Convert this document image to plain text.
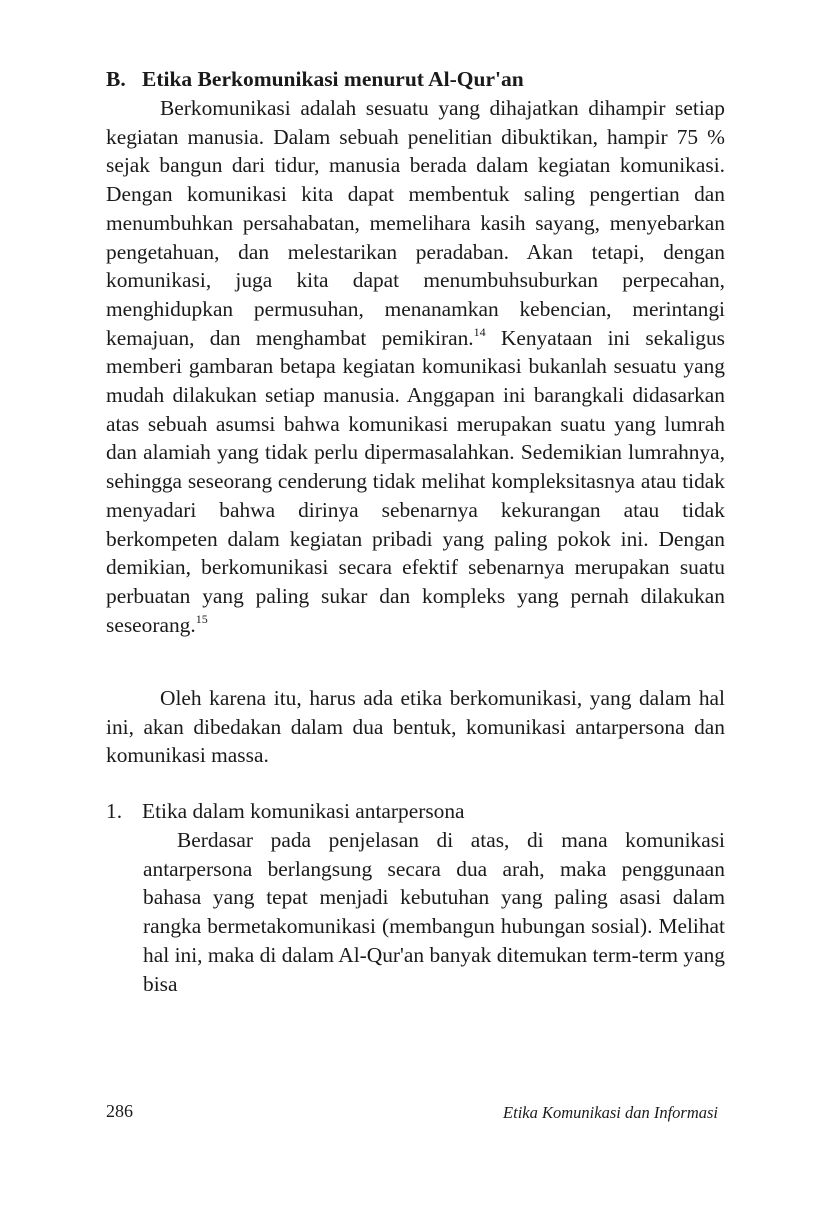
B. Etika Berkomunikasi menurut Al-Qur'an

Berkomunikasi adalah sesuatu yang dihajatkan dihampir setiap kegiatan manusia. Dalam sebuah penelitian dibuktikan, hampir 75 % sejak bangun dari tidur, manusia berada dalam kegiatan komunikasi. Dengan komunikasi kita dapat membentuk saling pengertian dan menumbuhkan persahabatan, memelihara kasih sayang, menyebarkan pengetahuan, dan melestarikan peradaban. Akan tetapi, dengan komunikasi, juga kita dapat menumbuhsuburkan perpecahan, menghidupkan permusuhan, menanamkan kebencian, merintangi kemajuan, dan menghambat pemikiran.$^{14}$ Kenyataan ini sekaligus memberi gambaran betapa kegiatan komunikasi bukanlah sesuatu yang mudah dilakukan setiap manusia. Anggapan ini barangkali didasarkan atas sebuah asumsi bahwa komunikasi merupakan suatu yang lumrah dan alamiah yang tidak perlu dipermasalahkan. Sedemikian lumrahnya, sehingga seseorang cenderung tidak melihat kompleksitasnya atau tidak menyadari bahwa dirinya sebenarnya kekurangan atau tidak berkompeten dalam kegiatan pribadi yang paling pokok ini. Dengan demikian, berkomunikasi secara efektif sebenarnya merupakan suatu perbuatan yang paling sukar dan kompleks yang pernah dilakukan seseorang.$^{15}$

Oleh karena itu, harus ada etika berkomunikasi, yang dalam hal ini, akan dibedakan dalam dua bentuk, komunikasi antarpersona dan komunikasi massa.

1. Etika dalam komunikasi antarpersona

Berdasar pada penjelasan di atas, di mana komunikasi antarpersona berlangsung secara dua arah, maka penggunaan bahasa yang tepat menjadi kebutuhan yang paling asasi dalam rangka bermetakomunikasi (membangun hubungan sosial). Melihat hal ini, maka di dalam Al-Qur'an banyak ditemukan term-term yang bisa

286	Etika Komunikasi dan Informasi
